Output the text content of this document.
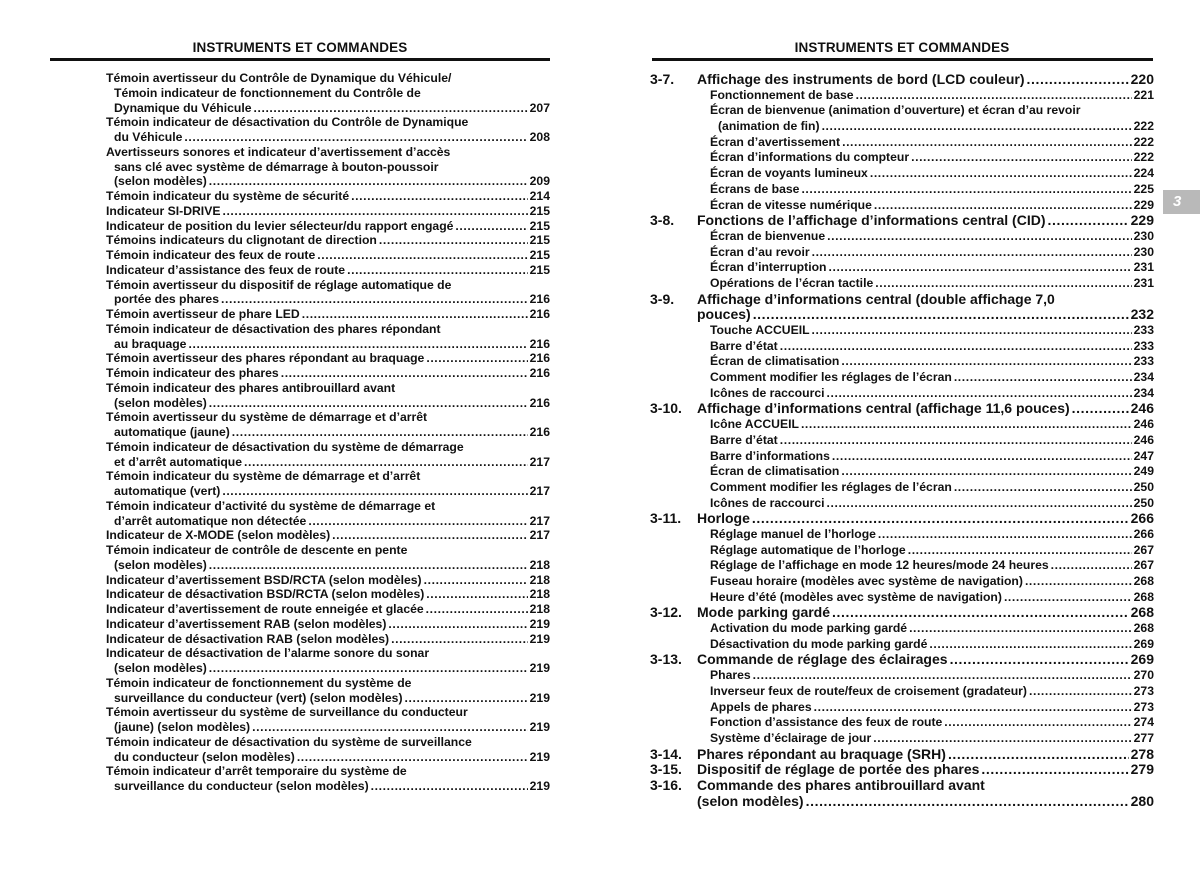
INSTRUMENTS ET COMMANDES
Témoin avertisseur du Contrôle de Dynamique du Véhicule/
Témoin indicateur de fonctionnement du Contrôle de
Dynamique du Véhicule .....	207
Témoin indicateur de désactivation du Contrôle de Dynamique
du Véhicule .....	208
Avertisseurs sonores et indicateur d’avertissement d’accès
sans clé avec système de démarrage à bouton-poussoir
(selon modèles) .....	209
Témoin indicateur du système de sécurité .....	214
Indicateur SI-DRIVE .....	215
Indicateur de position du levier sélecteur/du rapport engagé .....	215
Témoins indicateurs du clignotant de direction .....	215
Témoin indicateur des feux de route .....	215
Indicateur d’assistance des feux de route .....	215
Témoin avertisseur du dispositif de réglage automatique de
portée des phares .....	216
Témoin avertisseur de phare LED .....	216
Témoin indicateur de désactivation des phares répondant
au braquage .....	216
Témoin avertisseur des phares répondant au braquage .....	216
Témoin indicateur des phares .....	216
Témoin indicateur des phares antibrouillard avant
(selon modèles) .....	216
Témoin avertisseur du système de démarrage et d’arrêt
automatique (jaune) .....	216
Témoin indicateur de désactivation du système de démarrage
et d’arrêt automatique .....	217
Témoin indicateur du système de démarrage et d’arrêt
automatique (vert) .....	217
Témoin indicateur d’activité du système de démarrage et
d’arrêt automatique non détectée .....	217
Indicateur de X-MODE (selon modèles) .....	217
Témoin indicateur de contrôle de descente en pente
(selon modèles) .....	218
Indicateur d’avertissement BSD/RCTA (selon modèles) .....	218
Indicateur de désactivation BSD/RCTA (selon modèles) .....	218
Indicateur d’avertissement de route enneigée et glacée .....	218
Indicateur d’avertissement RAB (selon modèles) .....	219
Indicateur de désactivation RAB (selon modèles) .....	219
Indicateur de désactivation de l’alarme sonore du sonar
(selon modèles) .....	219
Témoin indicateur de fonctionnement du système de
surveillance du conducteur (vert) (selon modèles) .....	219
Témoin avertisseur du système de surveillance du conducteur
(jaune) (selon modèles) .....	219
Témoin indicateur de désactivation du système de surveillance
du conducteur (selon modèles) .....	219
Témoin indicateur d’arrêt temporaire du système de
surveillance du conducteur (selon modèles) .....	219
INSTRUMENTS ET COMMANDES
3-7.	Affichage des instruments de bord (LCD couleur) .....	220
Fonctionnement de base .....	221
Écran de bienvenue (animation d’ouverture) et écran d’au revoir
(animation de fin) .....	222
Écran d’avertissement .....	222
Écran d’informations du compteur .....	222
Écran de voyants lumineux .....	224
Écrans de base .....	225
Écran de vitesse numérique .....	229
3-8.	Fonctions de l’affichage d’informations central (CID) .....	229
Écran de bienvenue .....	230
Écran d’au revoir .....	230
Écran d’interruption .....	231
Opérations de l’écran tactile .....	231
3-9.	Affichage d’informations central (double affichage 7,0
pouces) .....	232
Touche ACCUEIL .....	233
Barre d’état .....	233
Écran de climatisation .....	233
Comment modifier les réglages de l’écran .....	234
Icônes de raccourci .....	234
3-10.	Affichage d’informations central (affichage 11,6 pouces) .....	246
Icône ACCUEIL .....	246
Barre d’état .....	246
Barre d’informations .....	247
Écran de climatisation .....	249
Comment modifier les réglages de l’écran .....	250
Icônes de raccourci .....	250
3-11.	Horloge .....	266
Réglage manuel de l’horloge .....	266
Réglage automatique de l’horloge .....	267
Réglage de l’affichage en mode 12 heures/mode 24 heures .....	267
Fuseau horaire (modèles avec système de navigation) .....	268
Heure d’été (modèles avec système de navigation) .....	268
3-12.	Mode parking gardé .....	268
Activation du mode parking gardé .....	268
Désactivation du mode parking gardé .....	269
3-13.	Commande de réglage des éclairages .....	269
Phares .....	270
Inverseur feux de route/feux de croisement (gradateur) .....	273
Appels de phares .....	273
Fonction d’assistance des feux de route .....	274
Système d’éclairage de jour .....	277
3-14.	Phares répondant au braquage (SRH) .....	278
3-15.	Dispositif de réglage de portée des phares .....	279
3-16.	Commande des phares antibrouillard avant
(selon modèles) .....	280
3
